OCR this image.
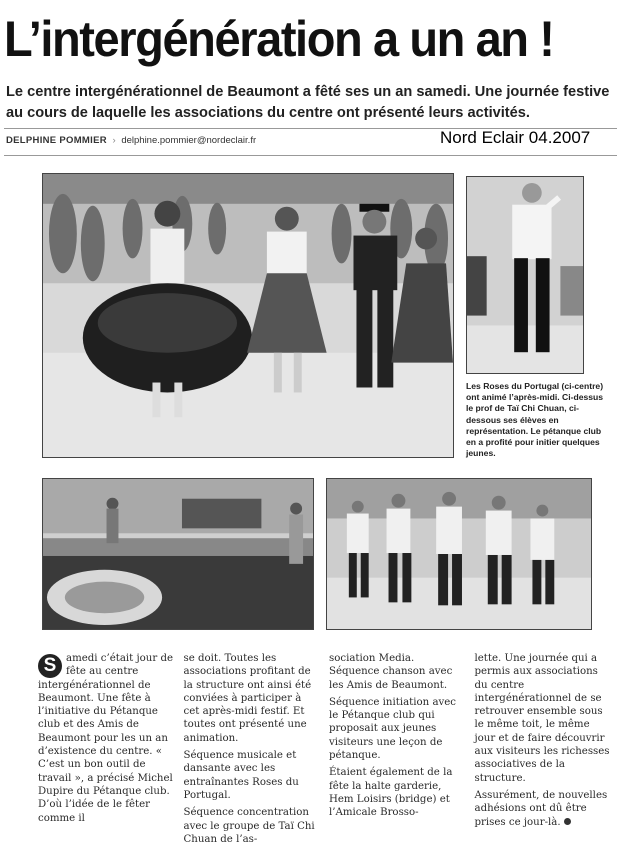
L’intergénération a un an !
Le centre intergénérationnel de Beaumont a fêté ses un an samedi. Une journée festive au cours de laquelle les associations du centre ont présenté leurs activités.
DELPHINE POMMIER › delphine.pommier@nordeclair.fr	Nord Eclair 04.2007
Les Roses du Portugal (ci-centre) ont animé l’après-midi. Ci-dessus le prof de Taï Chi Chuan, ci-dessous ses élèves en représentation. Le pétanque club en a profité pour initier quelques jeunes.

S amedi c’était jour de fête au centre intergénérationnel de Beaumont. Une fête à l’initiative du Pétanque club et des Amis de Beaumont pour les un an d’existence du centre. « C’est un bon outil de travail », a précisé Michel Dupire du Pétanque club. D’où l’idée de le fêter comme il

se doit. Toutes les associations profitant de la structure ont ainsi été conviées à participer à cet après-midi festif. Et toutes ont présenté une animation.

Séquence musicale et dansante avec les entraînantes Roses du Portugal.

Séquence concentration avec le groupe de Taï Chi Chuan de l’as-

sociation Media. Séquence chanson avec les Amis de Beaumont.

Séquence initiation avec le Pétanque club qui proposait aux jeunes visiteurs une leçon de pétanque.

Étaient également de la fête la halte garderie, Hem Loisirs (bridge) et l’Amicale Brosso-

lette. Une journée qui a permis aux associations du centre intergénérationnel de se retrouver ensemble sous le même toit, le même jour et de faire découvrir aux visiteurs les richesses associatives de la structure.

Assurément, de nouvelles adhésions ont dû être prises ce jour-là.
